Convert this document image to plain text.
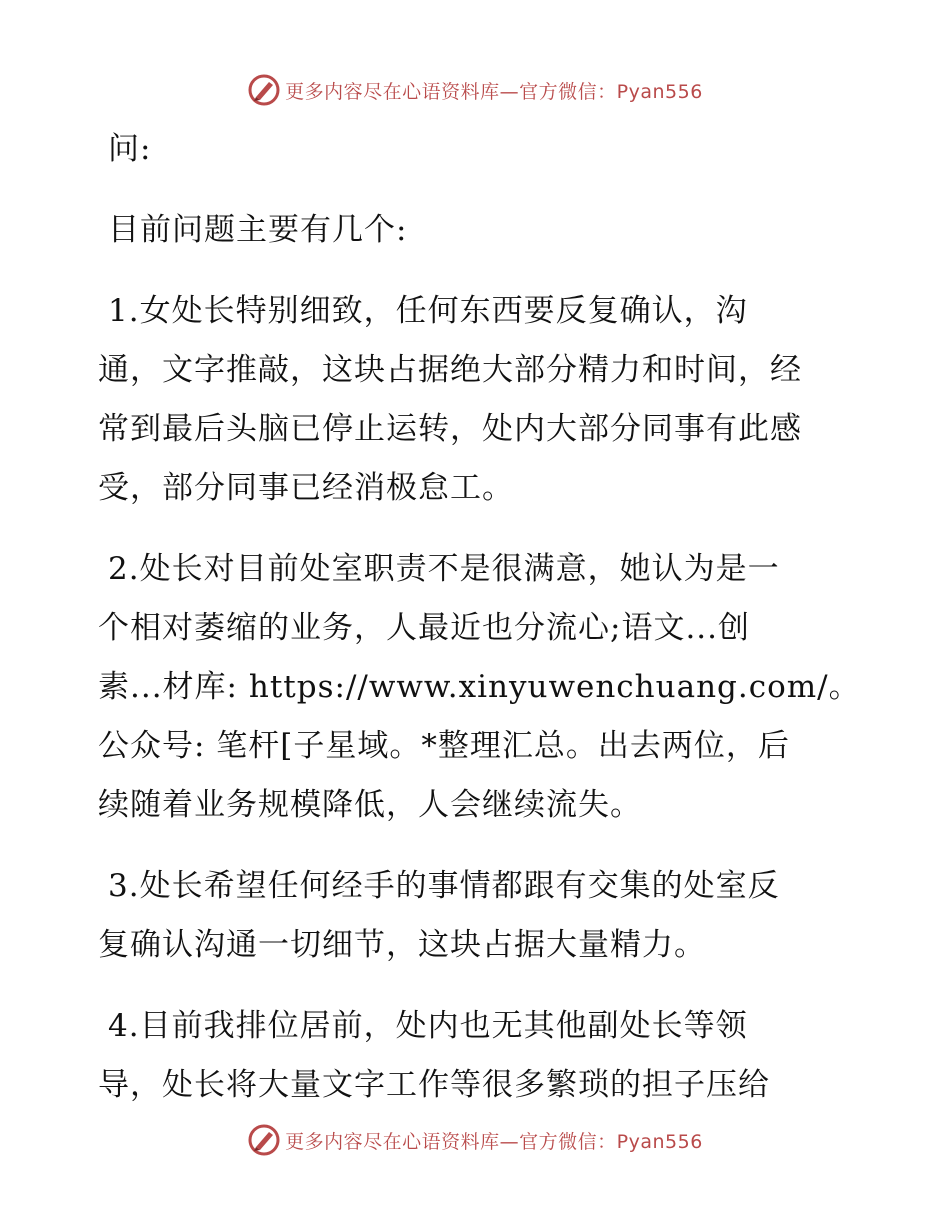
更多内容尽在心语资料库—官方微信：Pyan556
问:
目前问题主要有几个:
1.女处长特别细致，任何东西要反复确认，沟
通，文字推敲，这块占据绝大部分精力和时间，经
常到最后头脑已停止运转，处内大部分同事有此感
受，部分同事已经消极怠工。
2.处长对目前处室职责不是很满意，她认为是一
个相对萎缩的业务，人最近也分流心;语文...创
素...材库: https://www.xinyuwenchuang.com/。
公众号: 笔杆[子星域。*整理汇总。出去两位，后
续随着业务规模降低，人会继续流失。
3.处长希望任何经手的事情都跟有交集的处室反
复确认沟通一切细节，这块占据大量精力。
4.目前我排位居前，处内也无其他副处长等领
导，处长将大量文字工作等很多繁琐的担子压给
更多内容尽在心语资料库—官方微信：Pyan556
